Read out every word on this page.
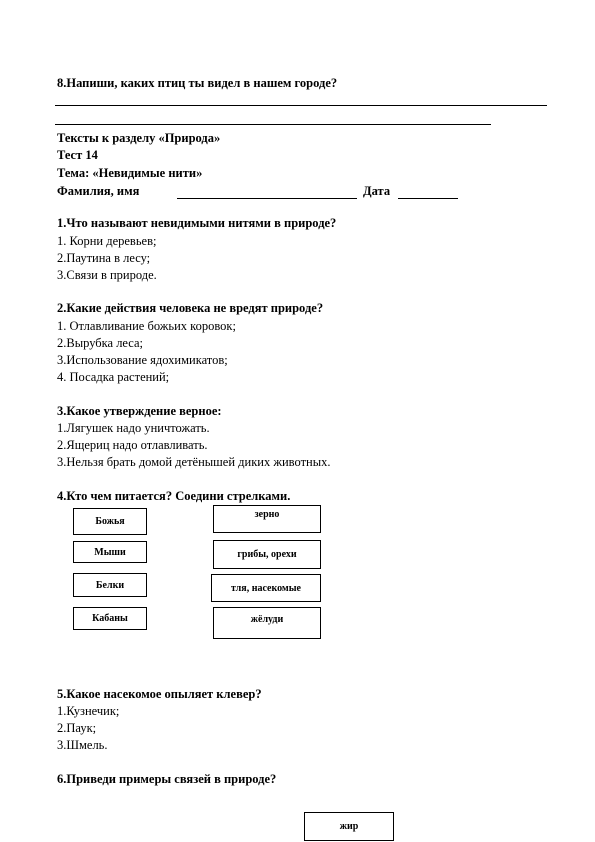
8.Напиши, каких птиц ты видел в нашем городе?
Тексты к разделу «Природа»
Тест 14
Тема: «Невидимые нити»
Фамилия, имя	Дата
1.Что называют невидимыми нитями в природе?
1. Корни деревьев;
2.Паутина в лесу;
3.Связи в природе.
2.Какие действия человека не вредят природе?
1. Отлавливание божьих коровок;
2.Вырубка леса;
3.Использование ядохимикатов;
4. Посадка растений;
3.Какое утверждение верное:
1.Лягушек надо уничтожать.
2.Ящериц надо отлавливать.
3.Нельзя брать домой детёнышей диких животных.
4.Кто чем питается? Соедини стрелками.
Божья
Мыши
Белки
Кабаны
зерно
грибы, орехи
тля, насекомые
жёлуди
5.Какое насекомое опыляет клевер?
1.Кузнечик;
2.Паук;
3.Шмель.
6.Приведи примеры связей в природе?
жир
